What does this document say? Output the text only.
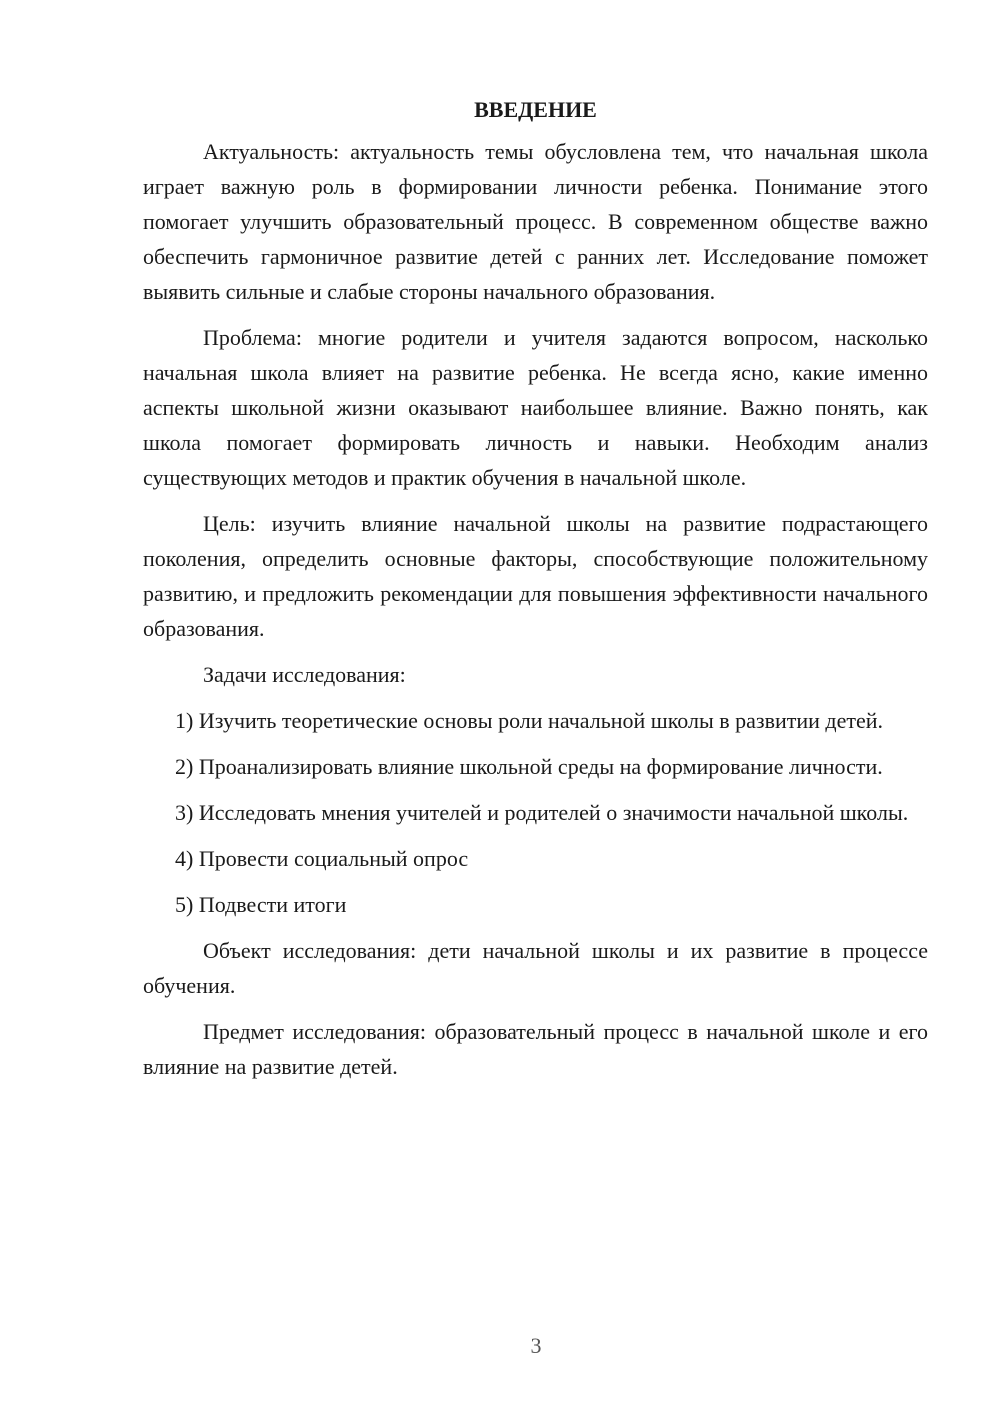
ВВЕДЕНИЕ

Актуальность: актуальность темы обусловлена тем, что начальная школа играет важную роль в формировании личности ребенка. Понимание этого помогает улучшить образовательный процесс. В современном обществе важно обеспечить гармоничное развитие детей с ранних лет. Исследование поможет выявить сильные и слабые стороны начального образования.

Проблема: многие родители и учителя задаются вопросом, насколько начальная школа влияет на развитие ребенка. Не всегда ясно, какие именно аспекты школьной жизни оказывают наибольшее влияние. Важно понять, как школа помогает формировать личность и навыки. Необходим анализ существующих методов и практик обучения в начальной школе.

Цель: изучить влияние начальной школы на развитие подрастающего поколения, определить основные факторы, способствующие положительному развитию, и предложить рекомендации для повышения эффективности начального образования.

Задачи исследования:

1) Изучить теоретические основы роли начальной школы в развитии детей.

2) Проанализировать влияние школьной среды на формирование личности.

3) Исследовать мнения учителей и родителей о значимости начальной школы.

4) Провести социальный опрос

5) Подвести итоги

Объект исследования: дети начальной школы и их развитие в процессе обучения.

Предмет исследования: образовательный процесс в начальной школе и его влияние на развитие детей.

3
